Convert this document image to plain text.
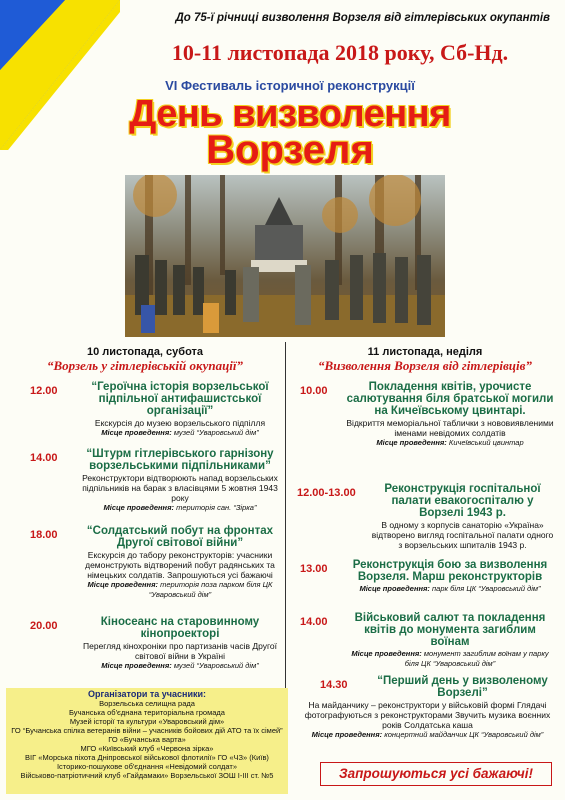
До 75-ї річниці визволення Ворзеля від гітлерівських окупантів
10-11 листопада 2018 року, Сб-Нд.
VI Фестиваль історичної реконструкції
День визволення
Ворзеля
10 листопада, субота
“Ворзель у гітлерівській окупації”
12.00	“Героїчна історія ворзельської підпільної антифашистської організації”
Екскурсія до музею ворзельського підпілля
Місце проведення: музей “Уваровський дім”
14.00	“Штурм гітлерівського гарнізону ворзельськими підпільниками”
Реконструктори відтворюють напад ворзельських підпільників на барак з власівцями 5 жовтня 1943 року
Місце проведення: територія сан. “Зірка”
18.00	“Солдатський побут на фронтах Другої світової війни”
Екскурсія до табору реконструкторів: учасники демонструють відтворений побут радянських та німецьких солдатів. Запрошуються усі бажаючі
Місце проведення: територія поза парком біля ЦК “Уваровський дім”
20.00	Кіносеанс на старовинному кінопроекторі
Перегляд кінохроніки про партизанів часів Другої світової війни в Україні
Місце проведення: музей “Уваровський дім”
11 листопада, неділя
“Визволення Ворзеля від гітлерівців”
10.00	Покладення квітів, урочисте салютування біля братської могили на Кичеївському цвинтарі.
Відкриття меморіальної таблички з нововиявленими іменами невідомих солдатів
Місце проведення: Кичеївський цвинтар
12.00-13.00	Реконструкція госпітальної палати евакогоспіталю у Ворзелі 1943 р.
В одному з корпусів санаторію «Україна» відтворено вигляд госпітальної палати одного з ворзельських шпиталів 1943 р.
13.00	Реконструкція бою за визволення Ворзеля. Марш реконструкторів
Місце проведення: парк біля ЦК “Уваровський дім”
14.00	Військовий салют та покладення квітів до монумента загиблим воїнам
Місце проведення: монумент загиблим воїнам у парку біля ЦК “Уваровський дім”
14.30	“Перший день у визволеному Ворзелі”
На майданчику – реконструктори у військовій формі Глядачі фотографуються з реконструкторами Звучить музика воєнних років Солдатська каша
Місце проведення: концертний майданчик ЦК “Уваровський дім”
Організатори та учасники:
Ворзельська селищна рада
Бучанська об'єднана територіальна громада
Музей історії та культури «Уваровський дім»
ГО “Бучанська спілка ветеранів війни – учасників бойових дій АТО та їх сімей”
ГО «Бучанська варта»
МГО «Київський клуб «Червона зірка»
ВІГ «Морська піхота Дніпровської військової флотилії» ГО «ЧЗ» (Київ)
Історико-пошукове об'єднання «Невідомий солдат»
Військово-патріотичний клуб «Гайдамаки» Ворзельської ЗОШ І-ІІІ ст. №5	Запрошуються усі бажаючі!
